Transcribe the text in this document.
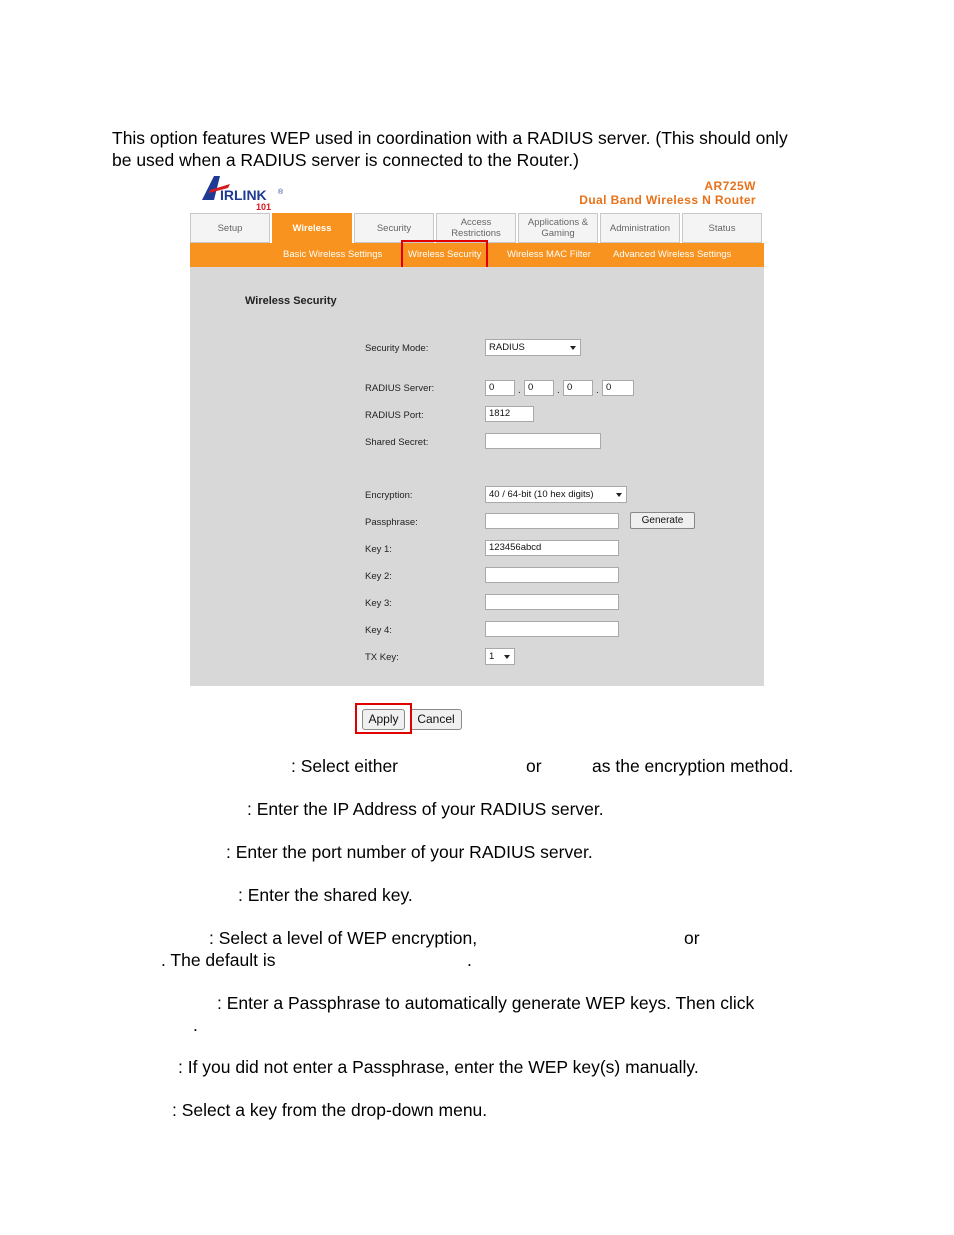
This option features WEP used in coordination with a RADIUS server. (This should only
be used when a RADIUS server is connected to the Router.)
IRLINK ®
101
AR725W
Dual Band Wireless N Router
Setup	Wireless	Security	Access
Restrictions
Applications &
Gaming	Administration	Status
Basic Wireless Settings	Wireless Security	Wireless MAC Filter Advanced Wireless Settings
Wireless Security
Security Mode:	RADIUS
RADIUS Server:	0	. 0	. 0	. 0
RADIUS Port:	1812
Shared Secret:
Encryption:	40 / 64-bit (10 hex digits)
Passphrase:	Generate
Key 1:	123456abcd
Key 2:
Key 3:
Key 4:
TX Key:	1
Apply	Cancel
: Select either	or	as the encryption method.
: Enter the IP Address of your RADIUS server.
: Enter the port number of your RADIUS server.
: Enter the shared key.
: Select a level of WEP encryption,	or
. The default is	.
: Enter a Passphrase to automatically generate WEP keys. Then click
.
: If you did not enter a Passphrase, enter the WEP key(s) manually.
: Select a key from the drop-down menu.
